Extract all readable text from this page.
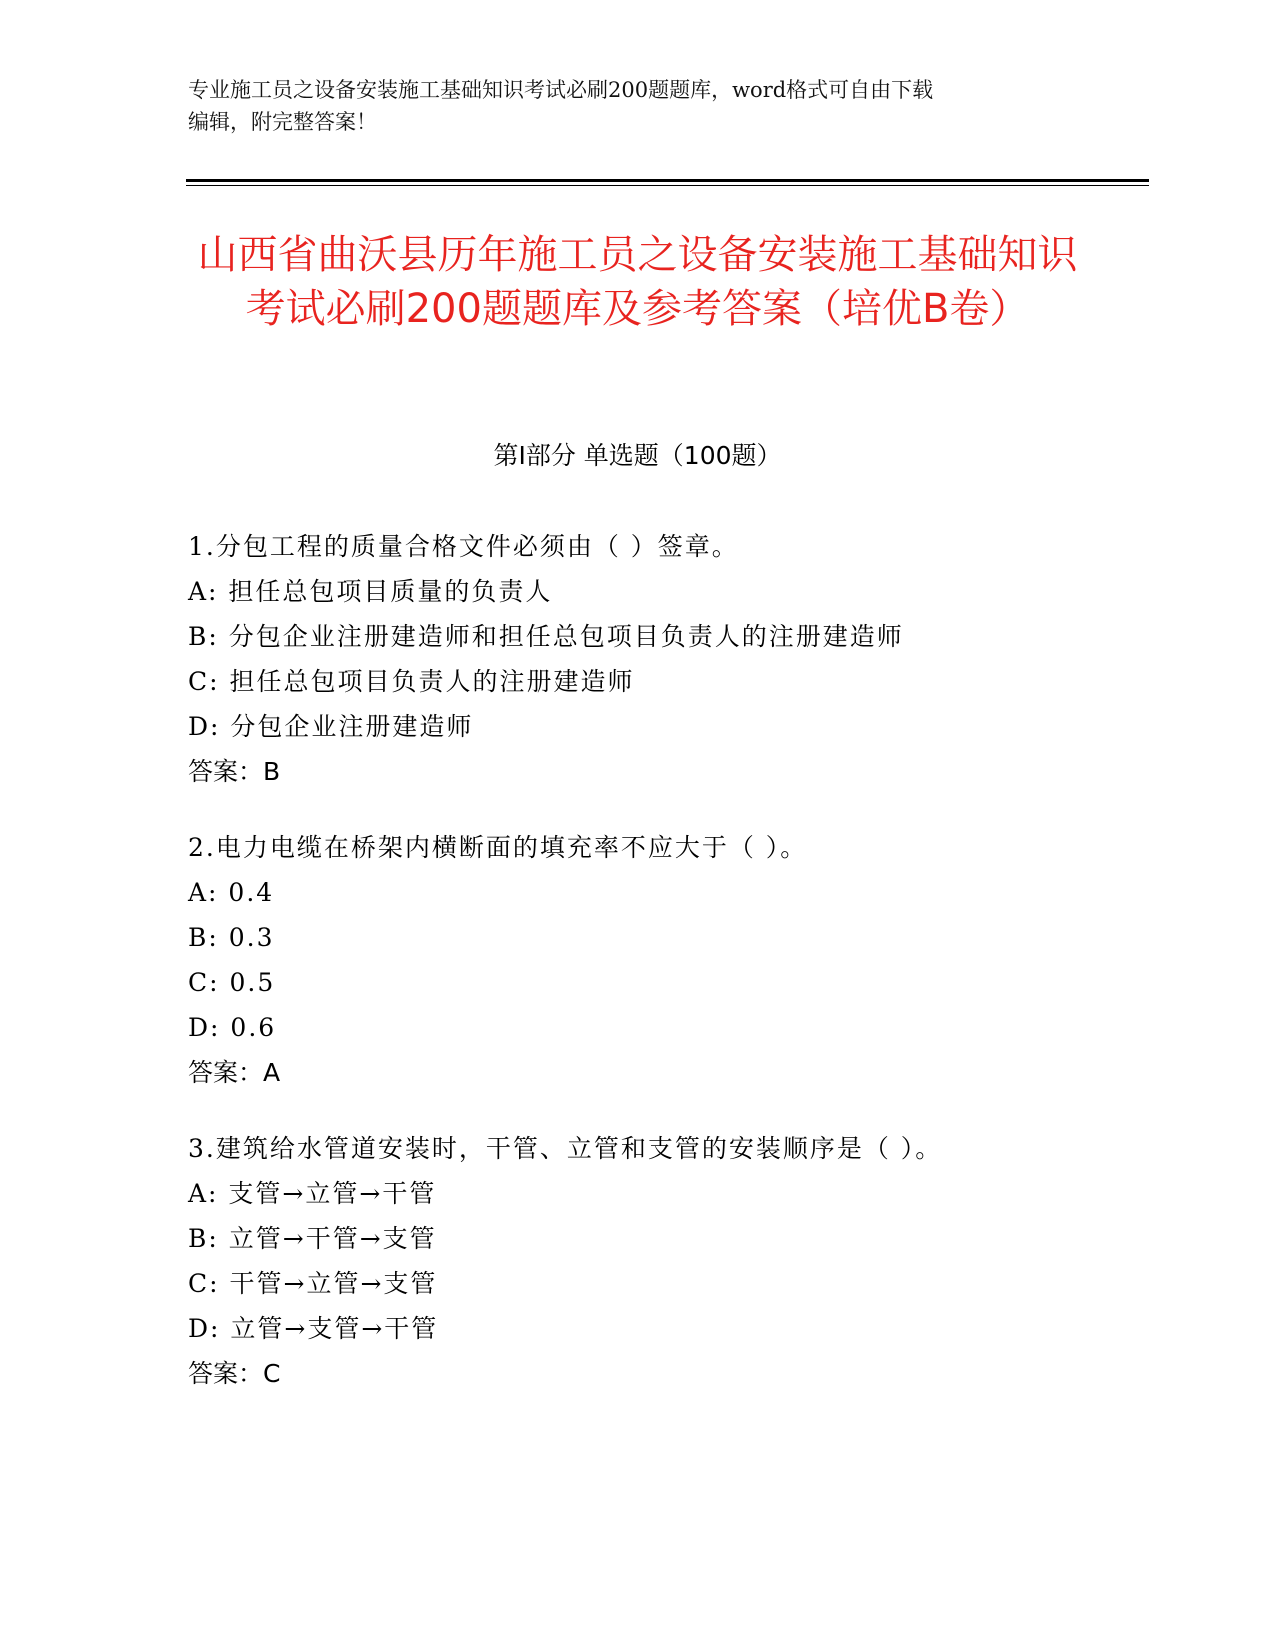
专业施工员之设备安装施工基础知识考试必刷200题题库，word格式可自由下载
编辑，附完整答案！
山西省曲沃县历年施工员之设备安装施工基础知识考试必刷200题题库及参考答案（培优B卷）
第Ⅰ部分 单选题（100题）
1.分包工程的质量合格文件必须由（ ）签章。
A: 担任总包项目质量的负责人
B: 分包企业注册建造师和担任总包项目负责人的注册建造师
C: 担任总包项目负责人的注册建造师
D: 分包企业注册建造师
答案：B
2.电力电缆在桥架内横断面的填充率不应大于（ ）。
A: 0.4
B: 0.3
C: 0.5
D: 0.6
答案：A
3.建筑给水管道安装时，干管、立管和支管的安装顺序是（ ）。
A: 支管→立管→干管
B: 立管→干管→支管
C: 干管→立管→支管
D: 立管→支管→干管
答案：C
